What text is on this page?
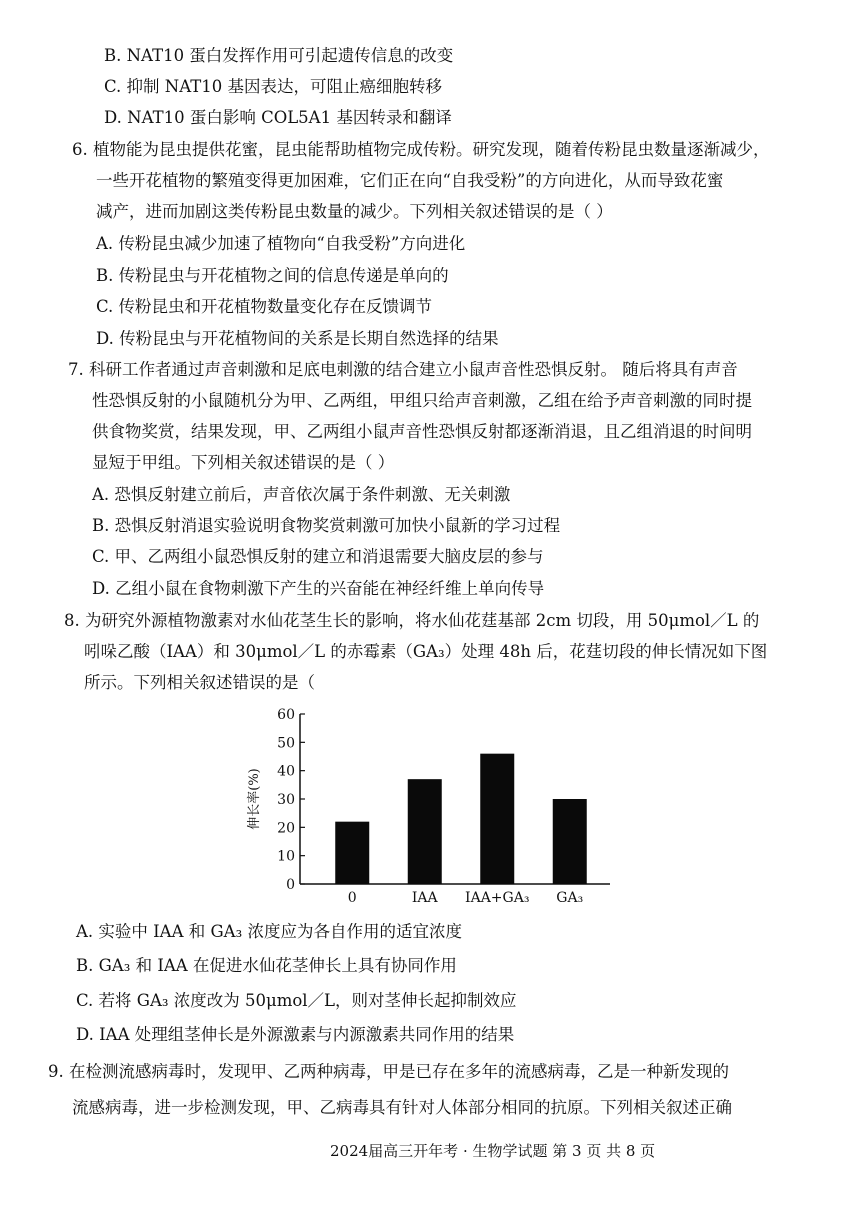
B. NAT10 蛋白发挥作用可引起遗传信息的改变
C. 抑制 NAT10 基因表达，可阻止癌细胞转移
D. NAT10 蛋白影响 COL5A1 基因转录和翻译
6. 植物能为昆虫提供花蜜，昆虫能帮助植物完成传粉。研究发现，随着传粉昆虫数量逐渐减少，
一些开花植物的繁殖变得更加困难，它们正在向“自我受粉”的方向进化，从而导致花蜜
减产，进而加剧这类传粉昆虫数量的减少。下列相关叙述错误的是（ ）
A. 传粉昆虫减少加速了植物向“自我受粉”方向进化
B. 传粉昆虫与开花植物之间的信息传递是单向的
C. 传粉昆虫和开花植物数量变化存在反馈调节
D. 传粉昆虫与开花植物间的关系是长期自然选择的结果
7. 科研工作者通过声音刺激和足底电刺激的结合建立小鼠声音性恐惧反射。 随后将具有声音
性恐惧反射的小鼠随机分为甲、乙两组，甲组只给声音刺激，乙组在给予声音刺激的同时提
供食物奖赏，结果发现，甲、乙两组小鼠声音性恐惧反射都逐渐消退，且乙组消退的时间明
显短于甲组。下列相关叙述错误的是（ ）
A. 恐惧反射建立前后，声音依次属于条件刺激、无关刺激
B. 恐惧反射消退实验说明食物奖赏刺激可加快小鼠新的学习过程
C. 甲、乙两组小鼠恐惧反射的建立和消退需要大脑皮层的参与
D. 乙组小鼠在食物刺激下产生的兴奋能在神经纤维上单向传导
8. 为研究外源植物激素对水仙花茎生长的影响，将水仙花莛基部 2cm 切段，用 50μmol／L 的
吲哚乙酸（IAA）和 30μmol／L 的赤霉素（GA₃）处理 48h 后，花莛切段的伸长情况如下图
所示。下列相关叙述错误的是（
0
10
20
30
40
50
60
伸长率(%)
0	IAA IAA+GA₃ GA₃
A. 实验中 IAA 和 GA₃ 浓度应为各自作用的适宜浓度
B. GA₃ 和 IAA 在促进水仙花茎伸长上具有协同作用
C. 若将 GA₃ 浓度改为 50μmol／L，则对茎伸长起抑制效应
D. IAA 处理组茎伸长是外源激素与内源激素共同作用的结果
9. 在检测流感病毒时，发现甲、乙两种病毒，甲是已存在多年的流感病毒，乙是一种新发现的
流感病毒，进一步检测发现，甲、乙病毒具有针对人体部分相同的抗原。下列相关叙述正确
2024届高三开年考 · 生物学试题 第 3 页 共 8 页
